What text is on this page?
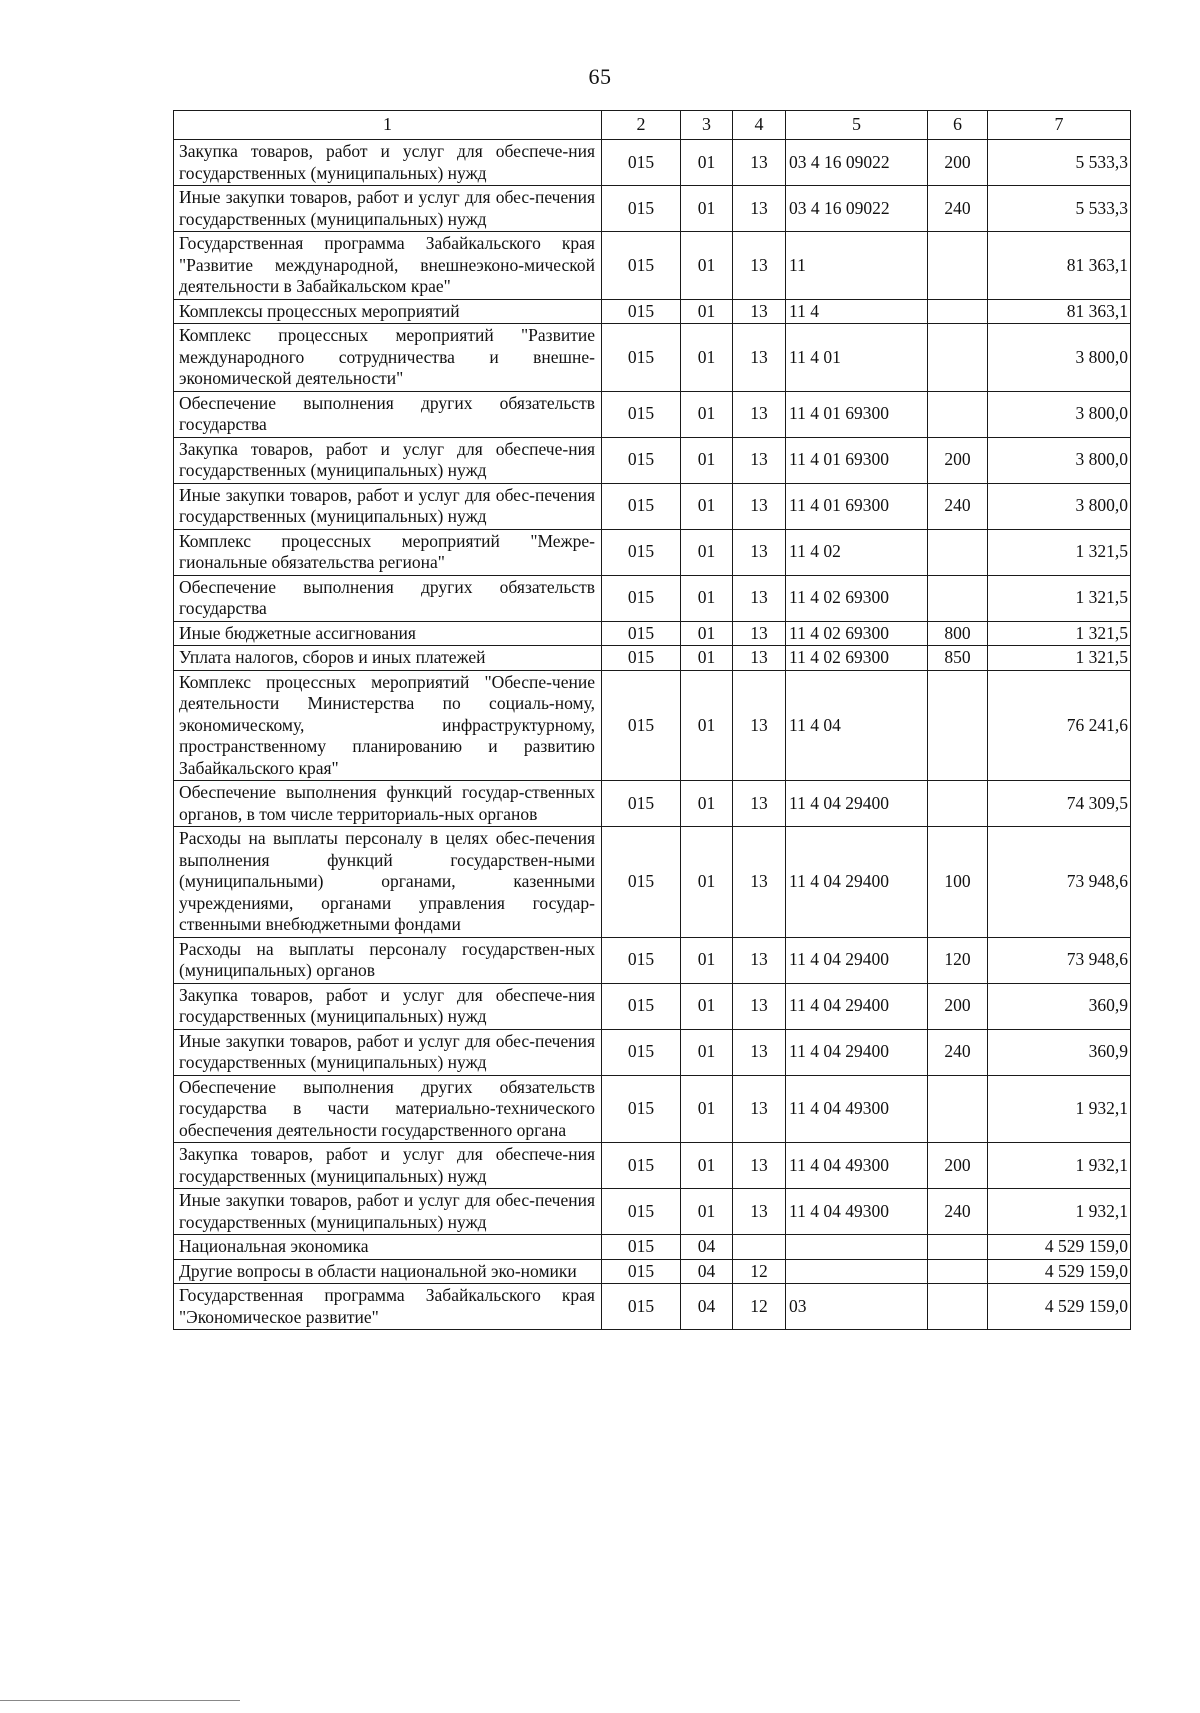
65
1	2	3	4	5	6	7
Закупка товаров, работ и услуг для обеспече-ния государственных (муниципальных) нужд	015	01	13	03 4 16 09022	200	5 533,3
Иные закупки товаров, работ и услуг для обес-печения государственных (муниципальных) нужд	015	01	13	03 4 16 09022	240	5 533,3
Государственная программа Забайкальского края "Развитие международной, внешнеэконо-мической деятельности в Забайкальском крае"	015	01	13	11		81 363,1
Комплексы процессных мероприятий	015	01	13	11 4		81 363,1
Комплекс процессных мероприятий "Развитие международного сотрудничества и внешне-экономической деятельности"	015	01	13	11 4 01		3 800,0
Обеспечение выполнения других обязательств государства	015	01	13	11 4 01 69300		3 800,0
Закупка товаров, работ и услуг для обеспече-ния государственных (муниципальных) нужд	015	01	13	11 4 01 69300	200	3 800,0
Иные закупки товаров, работ и услуг для обес-печения государственных (муниципальных) нужд	015	01	13	11 4 01 69300	240	3 800,0
Комплекс процессных мероприятий "Межре-гиональные обязательства региона"	015	01	13	11 4 02		1 321,5
Обеспечение выполнения других обязательств государства	015	01	13	11 4 02 69300		1 321,5
Иные бюджетные ассигнования	015	01	13	11 4 02 69300	800	1 321,5
Уплата налогов, сборов и иных платежей	015	01	13	11 4 02 69300	850	1 321,5
Комплекс процессных мероприятий "Обеспе-чение деятельности Министерства по социаль-ному, экономическому, инфраструктурному, пространственному планированию и развитию Забайкальского края"	015	01	13	11 4 04		76 241,6
Обеспечение выполнения функций государ-ственных органов, в том числе территориаль-ных органов	015	01	13	11 4 04 29400		74 309,5
Расходы на выплаты персоналу в целях обес-печения выполнения функций государствен-ными (муниципальными) органами, казенными учреждениями, органами управления государ-ственными внебюджетными фондами	015	01	13	11 4 04 29400	100	73 948,6
Расходы на выплаты персоналу государствен-ных (муниципальных) органов	015	01	13	11 4 04 29400	120	73 948,6
Закупка товаров, работ и услуг для обеспече-ния государственных (муниципальных) нужд	015	01	13	11 4 04 29400	200	360,9
Иные закупки товаров, работ и услуг для обес-печения государственных (муниципальных) нужд	015	01	13	11 4 04 29400	240	360,9
Обеспечение выполнения других обязательств государства в части материально-технического обеспечения деятельности государственного органа	015	01	13	11 4 04 49300		1 932,1
Закупка товаров, работ и услуг для обеспече-ния государственных (муниципальных) нужд	015	01	13	11 4 04 49300	200	1 932,1
Иные закупки товаров, работ и услуг для обес-печения государственных (муниципальных) нужд	015	01	13	11 4 04 49300	240	1 932,1
Национальная экономика	015	04				4 529 159,0
Другие вопросы в области национальной эко-номики	015	04	12			4 529 159,0
Государственная программа Забайкальского края "Экономическое развитие"	015	04	12	03		4 529 159,0
